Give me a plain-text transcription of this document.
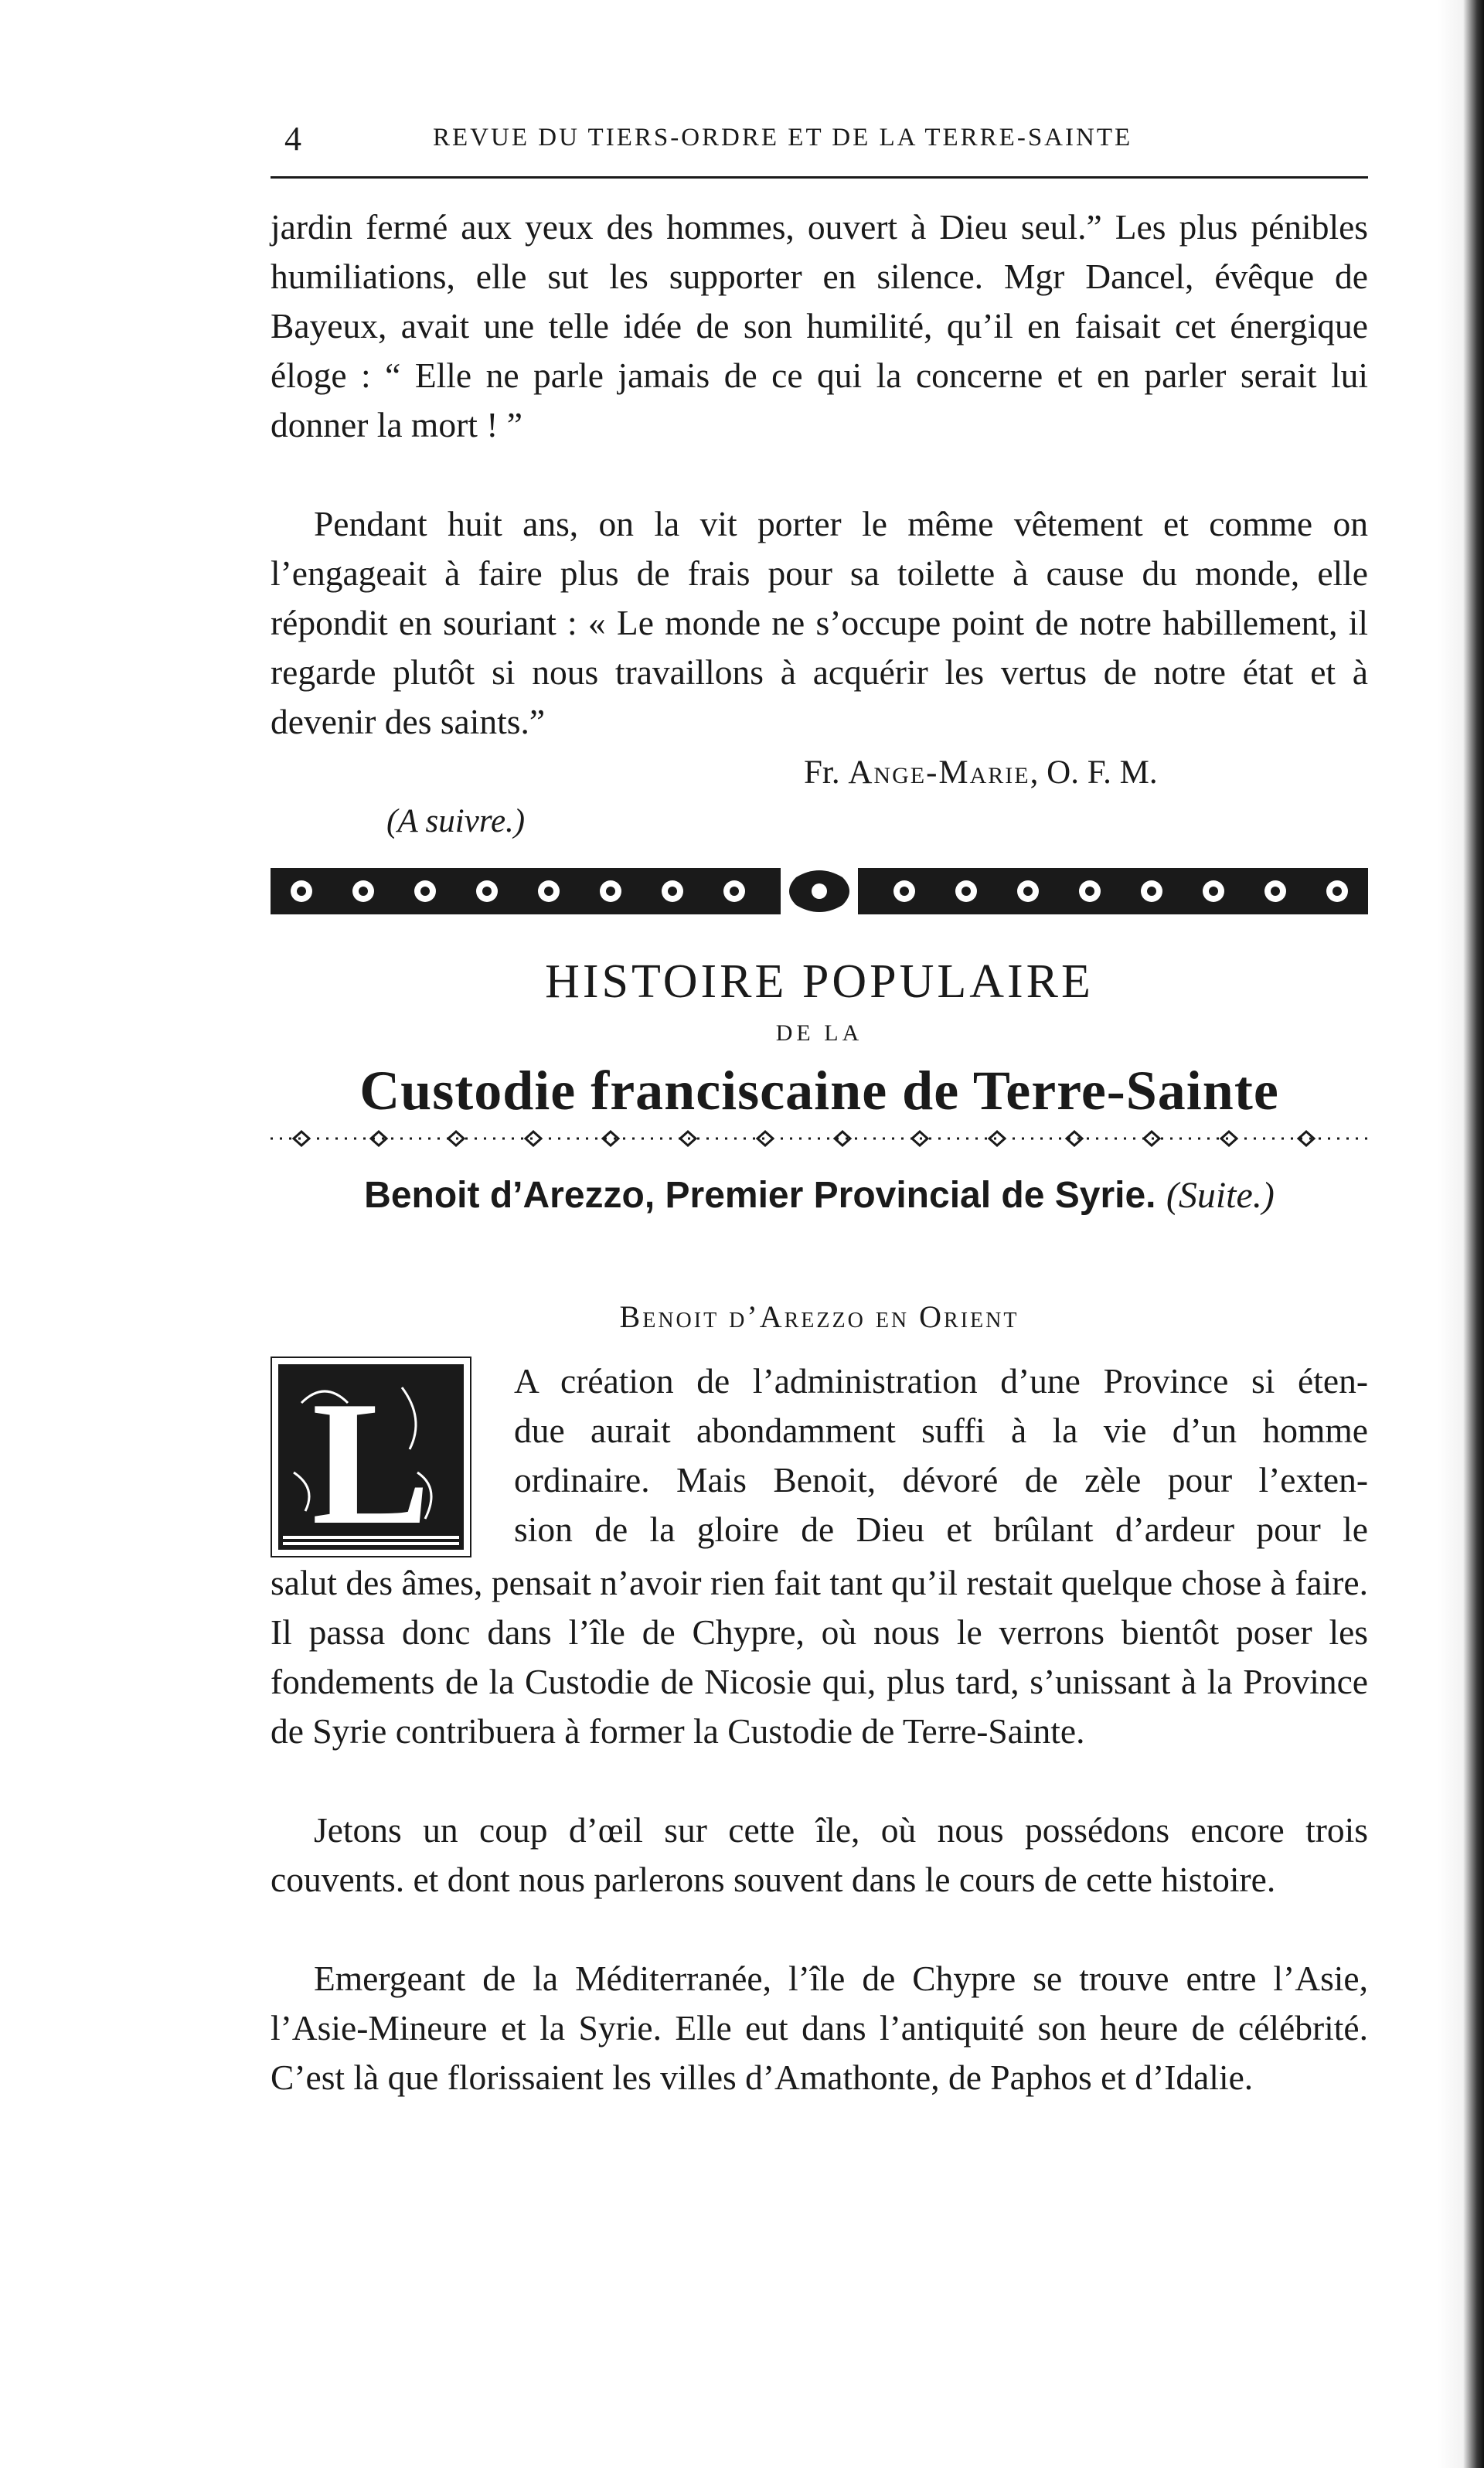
4	REVUE DU TIERS-ORDRE ET DE LA TERRE-SAINTE

jardin fermé aux yeux des hommes, ouvert à Dieu seul.” Les plus pénibles humiliations, elle sut les supporter en silence. Mgr Dancel, évêque de Bayeux, avait une telle idée de son humilité, qu’il en faisait cet énergique éloge : “ Elle ne parle jamais de ce qui la concerne et en parler serait lui donner la mort ! ”

Pendant huit ans, on la vit porter le même vêtement et comme on l’engageait à faire plus de frais pour sa toilette à cause du monde, elle répondit en souriant : « Le monde ne s’occupe point de notre habillement, il regarde plutôt si nous travaillons à acquérir les vertus de notre état et à devenir des saints.”

Fr. Ange-Marie, O. F. M.
(A suivre.)
HISTOIRE POPULAIRE
DE LA
Custodie franciscaine de Terre-Sainte
Benoit d’Arezzo, Premier Provincial de Syrie. (Suite.)
Benoit d’Arezzo en Orient
L A création de l’administration d’une Province si éten-
due aurait abondamment suffi à la vie d’un homme
ordinaire. Mais Benoit, dévoré de zèle pour l’exten-
sion de la gloire de Dieu et brûlant d’ardeur pour le

salut des âmes, pensait n’avoir rien fait tant qu’il restait quelque chose à faire. Il passa donc dans l’île de Chypre, où nous le verrons bientôt poser les fondements de la Custodie de Nicosie qui, plus tard, s’unissant à la Province de Syrie contribuera à former la Custodie de Terre-Sainte.

Jetons un coup d’œil sur cette île, où nous possédons encore trois couvents. et dont nous parlerons souvent dans le cours de cette histoire.

Emergeant de la Méditerranée, l’île de Chypre se trouve entre l’Asie, l’Asie-Mineure et la Syrie. Elle eut dans l’antiquité son heure de célébrité. C’est là que florissaient les villes d’Amathonte, de Paphos et d’Idalie.
